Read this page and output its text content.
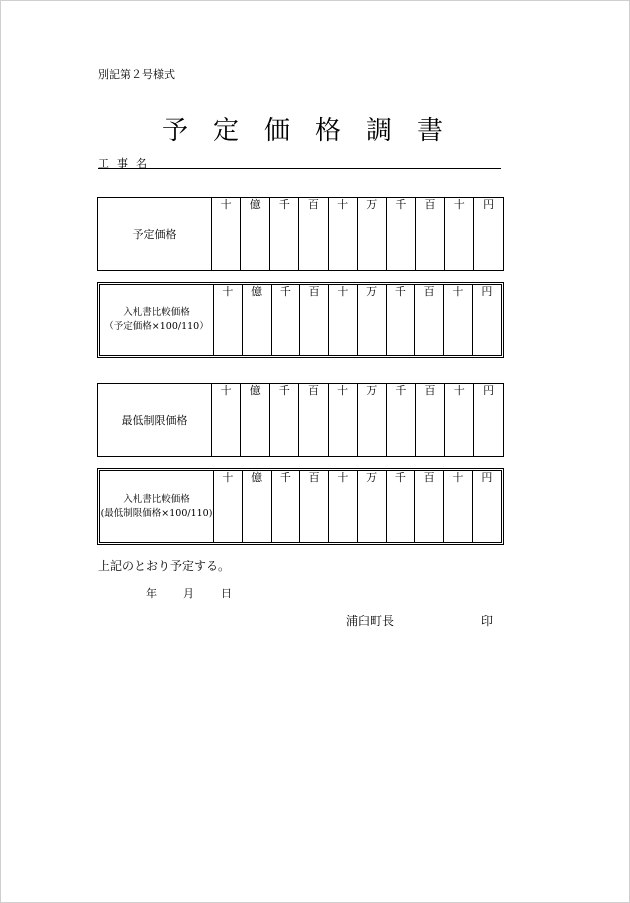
別記第２号様式
予定価格調書
工事名
予定価格	十	億	千	百	十	万	千	百	十	円

入札書比較価格
（予定価格×100/110）	十	億	千	百	十	万	千	百	十	円

最低制限価格	十	億	千	百	十	万	千	百	十	円

入札書比較価格
(最低制限価格×100/110)	十	億	千	百	十	万	千	百	十	円

上記のとおり予定する。
年 月 日
浦臼町長	印
